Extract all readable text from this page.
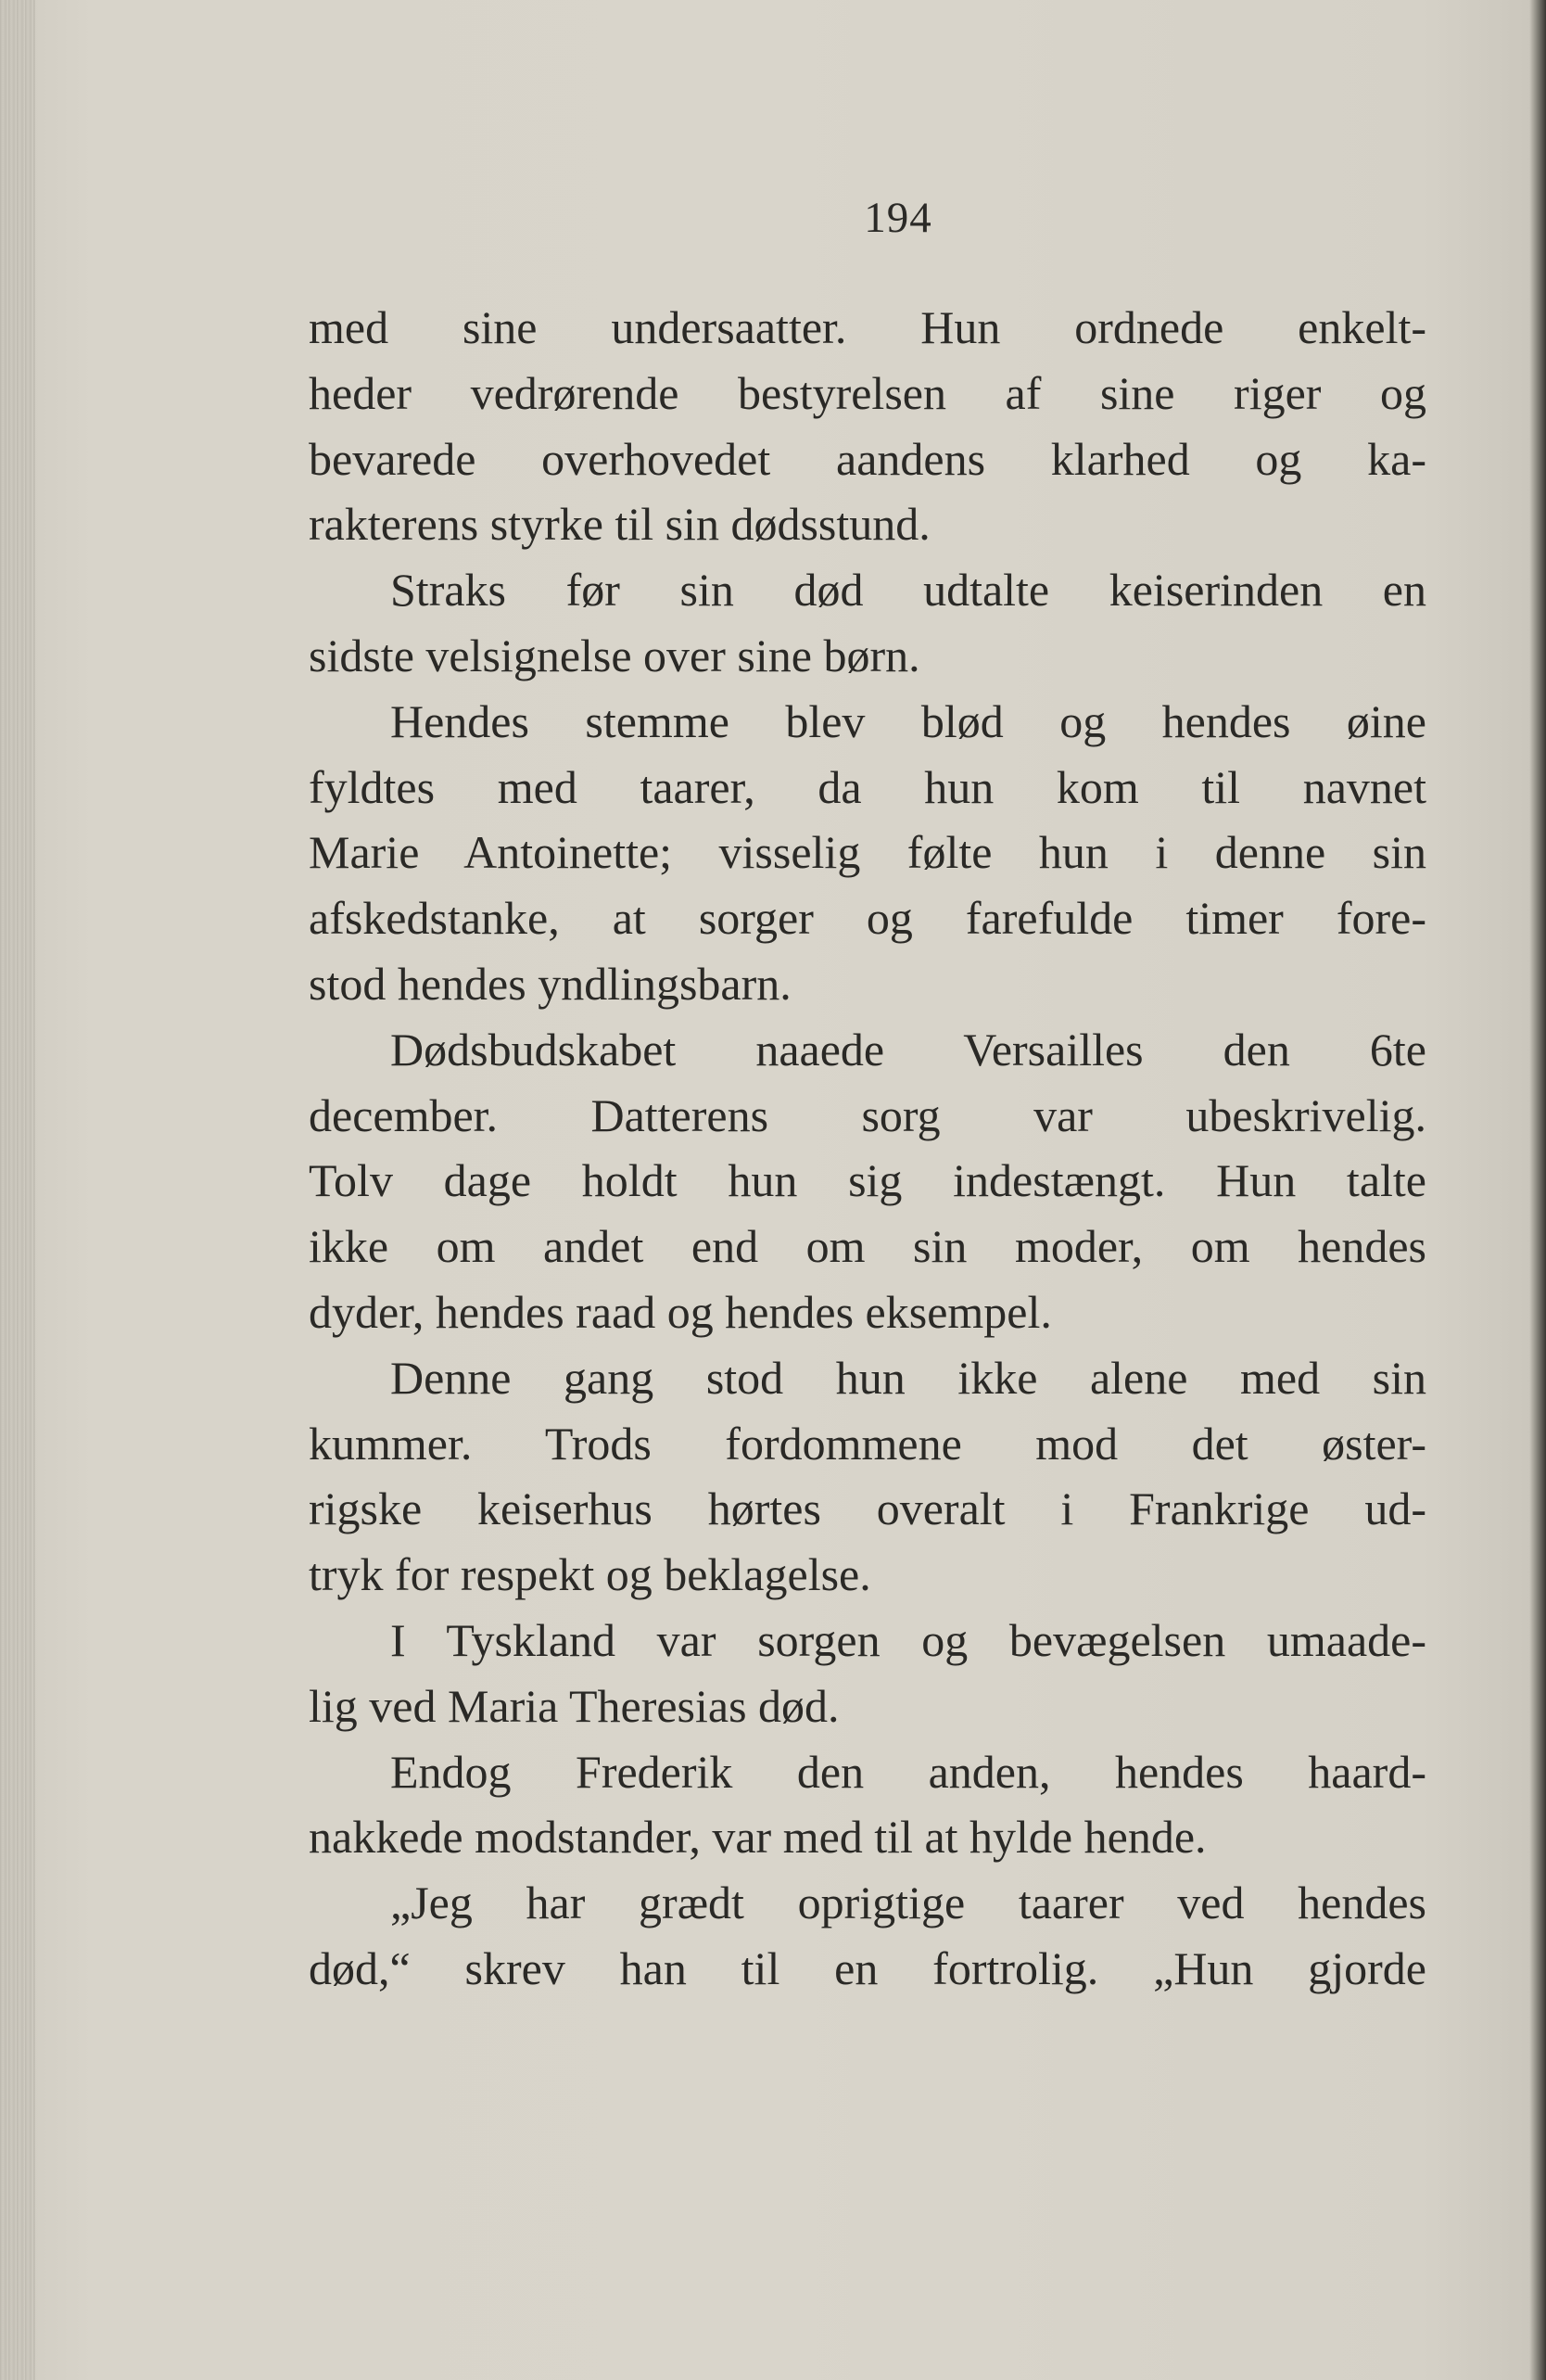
194
med sine undersaatter. Hun ordnede enkelt-
heder vedrørende bestyrelsen af sine riger og
bevarede overhovedet aandens klarhed og ka-
rakterens styrke til sin dødsstund.
Straks før sin død udtalte keiserinden en
sidste velsignelse over sine børn.
Hendes stemme blev blød og hendes øine
fyldtes med taarer, da hun kom til navnet
Marie Antoinette; visselig følte hun i denne sin
afskedstanke, at sorger og farefulde timer fore-
stod hendes yndlingsbarn.
Dødsbudskabet naaede Versailles den 6te
december. Datterens sorg var ubeskrivelig.
Tolv dage holdt hun sig indestængt. Hun talte
ikke om andet end om sin moder, om hendes
dyder, hendes raad og hendes eksempel.
Denne gang stod hun ikke alene med sin
kummer. Trods fordommene mod det øster-
rigske keiserhus hørtes overalt i Frankrige ud-
tryk for respekt og beklagelse.
I Tyskland var sorgen og bevægelsen umaade-
lig ved Maria Theresias død.
Endog Frederik den anden, hendes haard-
nakkede modstander, var med til at hylde hende.
„Jeg har grædt oprigtige taarer ved hendes
død,“ skrev han til en fortrolig. „Hun gjorde
